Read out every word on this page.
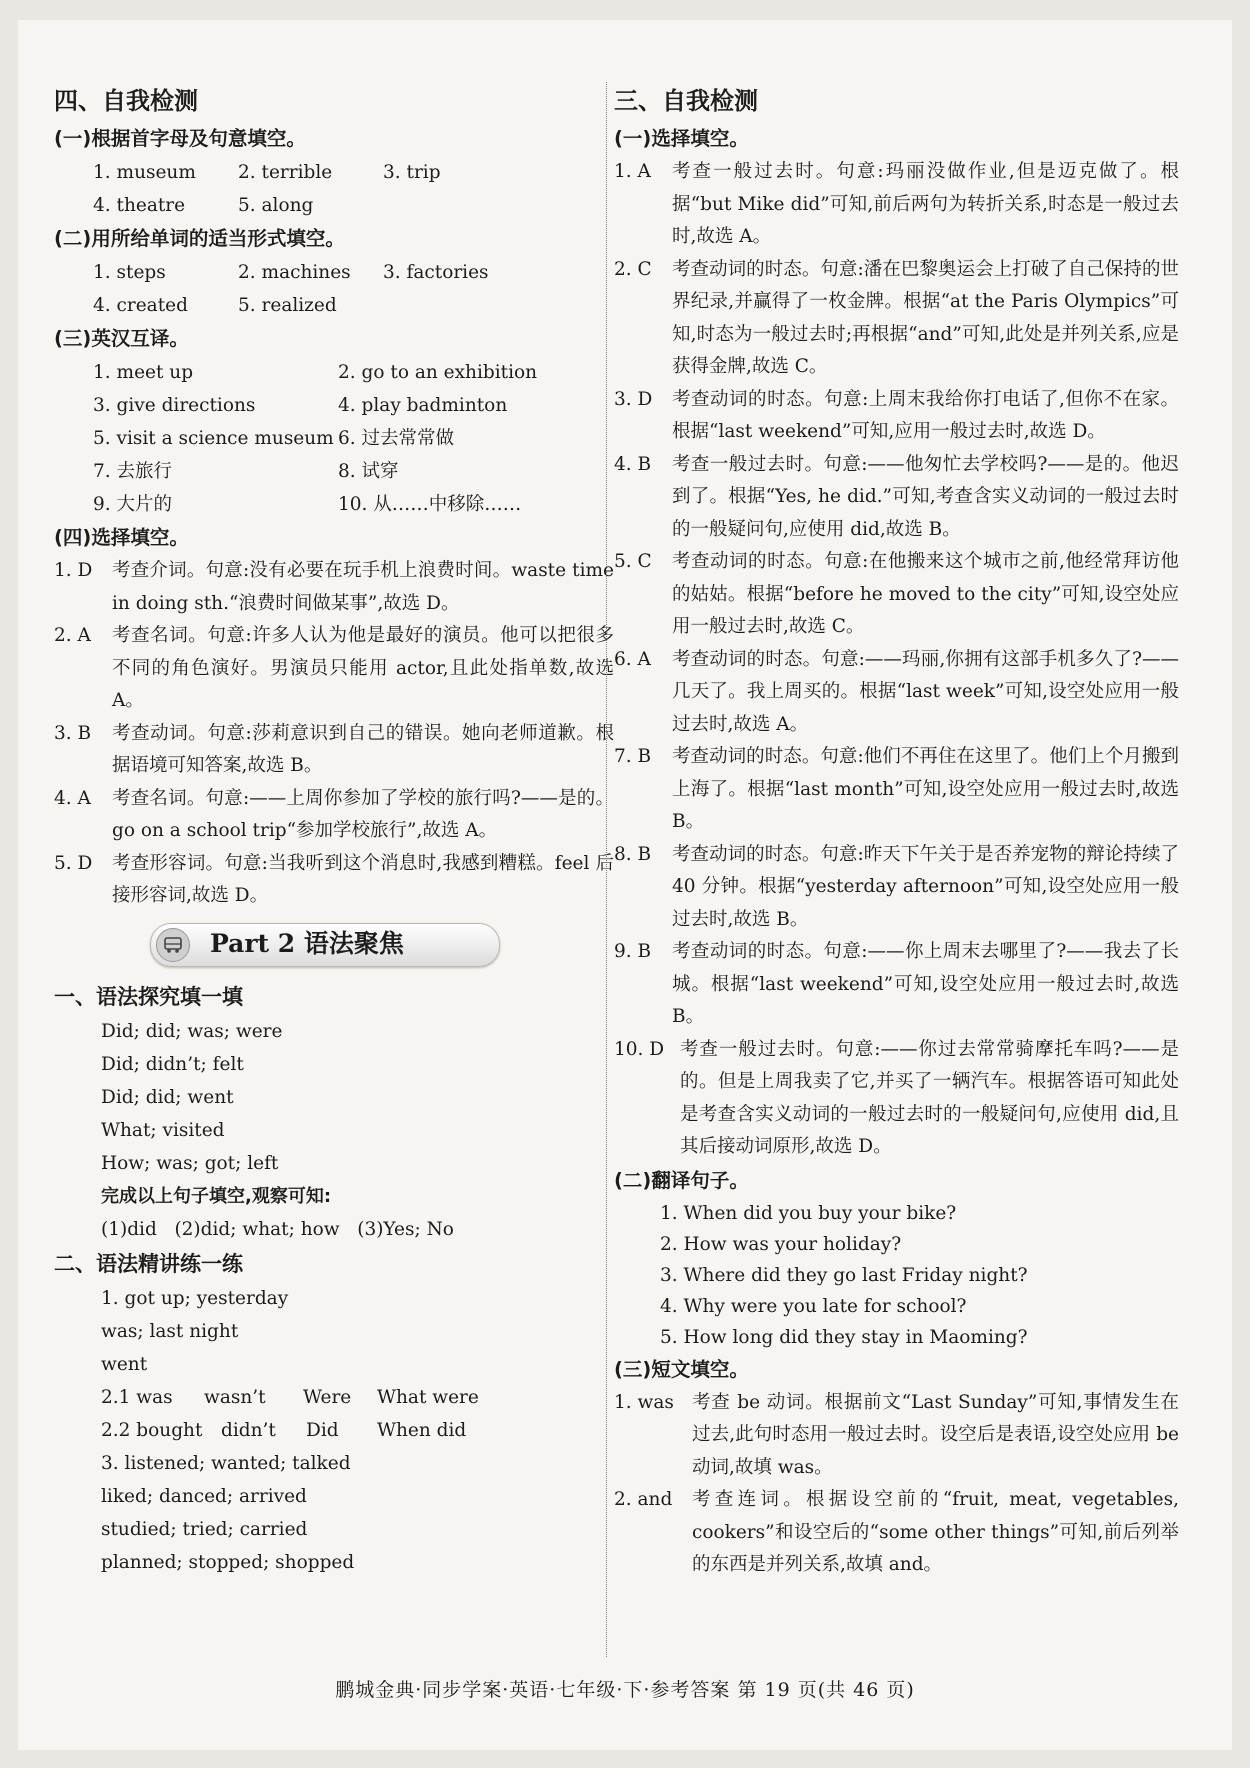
四、自我检测
(一)根据首字母及句意填空。
1. museum	2. terrible	3. trip
4. theatre	5. along
(二)用所给单词的适当形式填空。
1. steps	2. machines	3. factories
4. created	5. realized
(三)英汉互译。
1. meet up	2. go to an exhibition
3. give directions	4. play badminton
5. visit a science museum 6. 过去常常做
7. 去旅行	8. 试穿
9. 大片的	10. 从……中移除……
(四)选择填空。
1. D	考查介词。句意:没有必要在玩手机上浪费时间。waste time in doing sth.“浪费时间做某事”,故选 D。
2. A	考查名词。句意:许多人认为他是最好的演员。他可以把很多不同的角色演好。男演员只能用 actor,且此处指单数,故选 A。
3. B	考查动词。句意:莎莉意识到自己的错误。她向老师道歉。根据语境可知答案,故选 B。
4. A	考查名词。句意:——上周你参加了学校的旅行吗?——是的。go on a school trip“参加学校旅行”,故选 A。
5. D	考查形容词。句意:当我听到这个消息时,我感到糟糕。feel 后接形容词,故选 D。
Part 2 语法聚焦
一、语法探究填一填
Did; did; was; were
Did; didn’t; felt
Did; did; went
What; visited
How; was; got; left
完成以上句子填空,观察可知:
(1)did   (2)did; what; how   (3)Yes; No
二、语法精讲练一练
1. got up; yesterday
was; last night
went
2.1 was	wasn’t	Were	What were
2.2 bought	didn’t	Did	When did
3. listened; wanted; talked
liked; danced; arrived
studied; tried; carried
planned; stopped; shopped
三、自我检测
(一)选择填空。
1. A	考查一般过去时。句意:玛丽没做作业,但是迈克做了。根据“but Mike did”可知,前后两句为转折关系,时态是一般过去时,故选 A。
2. C	考查动词的时态。句意:潘在巴黎奥运会上打破了自己保持的世界纪录,并赢得了一枚金牌。根据“at the Paris Olympics”可知,时态为一般过去时;再根据“and”可知,此处是并列关系,应是获得金牌,故选 C。
3. D	考查动词的时态。句意:上周末我给你打电话了,但你不在家。根据“last weekend”可知,应用一般过去时,故选 D。
4. B	考查一般过去时。句意:——他匆忙去学校吗?——是的。他迟到了。根据“Yes, he did.”可知,考查含实义动词的一般过去时的一般疑问句,应使用 did,故选 B。
5. C	考查动词的时态。句意:在他搬来这个城市之前,他经常拜访他的姑姑。根据“before he moved to the city”可知,设空处应用一般过去时,故选 C。
6. A	考查动词的时态。句意:——玛丽,你拥有这部手机多久了?——几天了。我上周买的。根据“last week”可知,设空处应用一般过去时,故选 A。
7. B	考查动词的时态。句意:他们不再住在这里了。他们上个月搬到上海了。根据“last month”可知,设空处应用一般过去时,故选 B。
8. B	考查动词的时态。句意:昨天下午关于是否养宠物的辩论持续了 40 分钟。根据“yesterday afternoon”可知,设空处应用一般过去时,故选 B。
9. B	考查动词的时态。句意:——你上周末去哪里了?——我去了长城。根据“last weekend”可知,设空处应用一般过去时,故选 B。
10. D 考查一般过去时。句意:——你过去常常骑摩托车吗?——是的。但是上周我卖了它,并买了一辆汽车。根据答语可知此处是考查含实义动词的一般过去时的一般疑问句,应使用 did,且其后接动词原形,故选 D。
(二)翻译句子。
1. When did you buy your bike?
2. How was your holiday?
3. Where did they go last Friday night?
4. Why were you late for school?
5. How long did they stay in Maoming?
(三)短文填空。
1. was 考查 be 动词。根据前文“Last Sunday”可知,事情发生在过去,此句时态用一般过去时。设空后是表语,设空处应用 be 动词,故填 was。
2. and	考查连词。根据设空前的“fruit, meat, vegetables, cookers”和设空后的“some other things”可知,前后列举的东西是并列关系,故填 and。
鹏城金典·同步学案·英语·七年级·下·参考答案 第 19 页(共 46 页)
